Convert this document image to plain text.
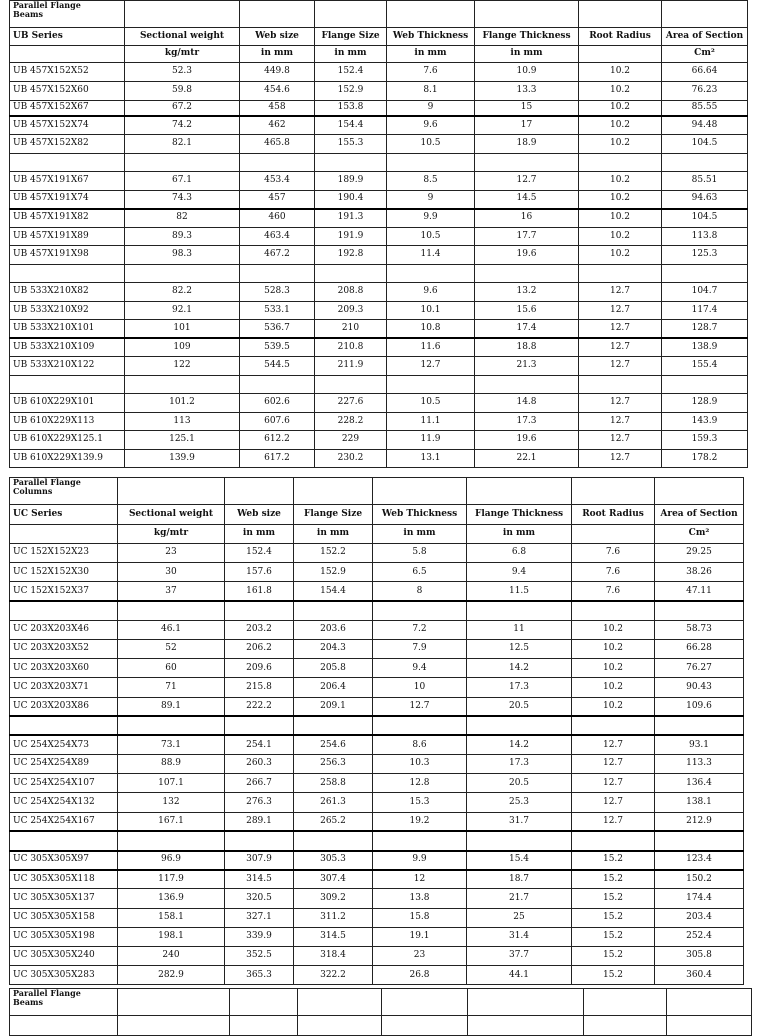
Parallel Flange
Beams							
UB Series	Sectional weight	Web size	Flange Size	Web Thickness	Flange Thickness	Root Radius	Area of Section
	kg/mtr	in mm	in mm	in mm	in mm		Cm²
UB 457X152X52	52.3	449.8	152.4	7.6	10.9	10.2	66.64
UB 457X152X60	59.8	454.6	152.9	8.1	13.3	10.2	76.23
UB 457X152X67	67.2	458	153.8	9	15	10.2	85.55
UB 457X152X74	74.2	462	154.4	9.6	17	10.2	94.48
UB 457X152X82	82.1	465.8	155.3	10.5	18.9	10.2	104.5

UB 457X191X67	67.1	453.4	189.9	8.5	12.7	10.2	85.51
UB 457X191X74	74.3	457	190.4	9	14.5	10.2	94.63
UB 457X191X82	82	460	191.3	9.9	16	10.2	104.5
UB 457X191X89	89.3	463.4	191.9	10.5	17.7	10.2	113.8
UB 457X191X98	98.3	467.2	192.8	11.4	19.6	10.2	125.3

UB 533X210X82	82.2	528.3	208.8	9.6	13.2	12.7	104.7
UB 533X210X92	92.1	533.1	209.3	10.1	15.6	12.7	117.4
UB 533X210X101	101	536.7	210	10.8	17.4	12.7	128.7
UB 533X210X109	109	539.5	210.8	11.6	18.8	12.7	138.9
UB 533X210X122	122	544.5	211.9	12.7	21.3	12.7	155.4

UB 610X229X101	101.2	602.6	227.6	10.5	14.8	12.7	128.9
UB 610X229X113	113	607.6	228.2	11.1	17.3	12.7	143.9
UB 610X229X125.1	125.1	612.2	229	11.9	19.6	12.7	159.3
UB 610X229X139.9	139.9	617.2	230.2	13.1	22.1	12.7	178.2
Parallel Flange
Columns							
UC Series	Sectional weight	Web size	Flange Size	Web Thickness	Flange Thickness	Root Radius	Area of Section
	kg/mtr	in mm	in mm	in mm	in mm		Cm²
UC 152X152X23	23	152.4	152.2	5.8	6.8	7.6	29.25
UC 152X152X30	30	157.6	152.9	6.5	9.4	7.6	38.26
UC 152X152X37	37	161.8	154.4	8	11.5	7.6	47.11

UC 203X203X46	46.1	203.2	203.6	7.2	11	10.2	58.73
UC 203X203X52	52	206.2	204.3	7.9	12.5	10.2	66.28
UC 203X203X60	60	209.6	205.8	9.4	14.2	10.2	76.27
UC 203X203X71	71	215.8	206.4	10	17.3	10.2	90.43
UC 203X203X86	89.1	222.2	209.1	12.7	20.5	10.2	109.6

UC 254X254X73	73.1	254.1	254.6	8.6	14.2	12.7	93.1
UC 254X254X89	88.9	260.3	256.3	10.3	17.3	12.7	113.3
UC 254X254X107	107.1	266.7	258.8	12.8	20.5	12.7	136.4
UC 254X254X132	132	276.3	261.3	15.3	25.3	12.7	138.1
UC 254X254X167	167.1	289.1	265.2	19.2	31.7	12.7	212.9

UC 305X305X97	96.9	307.9	305.3	9.9	15.4	15.2	123.4
UC 305X305X118	117.9	314.5	307.4	12	18.7	15.2	150.2
UC 305X305X137	136.9	320.5	309.2	13.8	21.7	15.2	174.4
UC 305X305X158	158.1	327.1	311.2	15.8	25	15.2	203.4
UC 305X305X198	198.1	339.9	314.5	19.1	31.4	15.2	252.4
UC 305X305X240	240	352.5	318.4	23	37.7	15.2	305.8
UC 305X305X283	282.9	365.3	322.2	26.8	44.1	15.2	360.4
Parallel Flange
Beams							
